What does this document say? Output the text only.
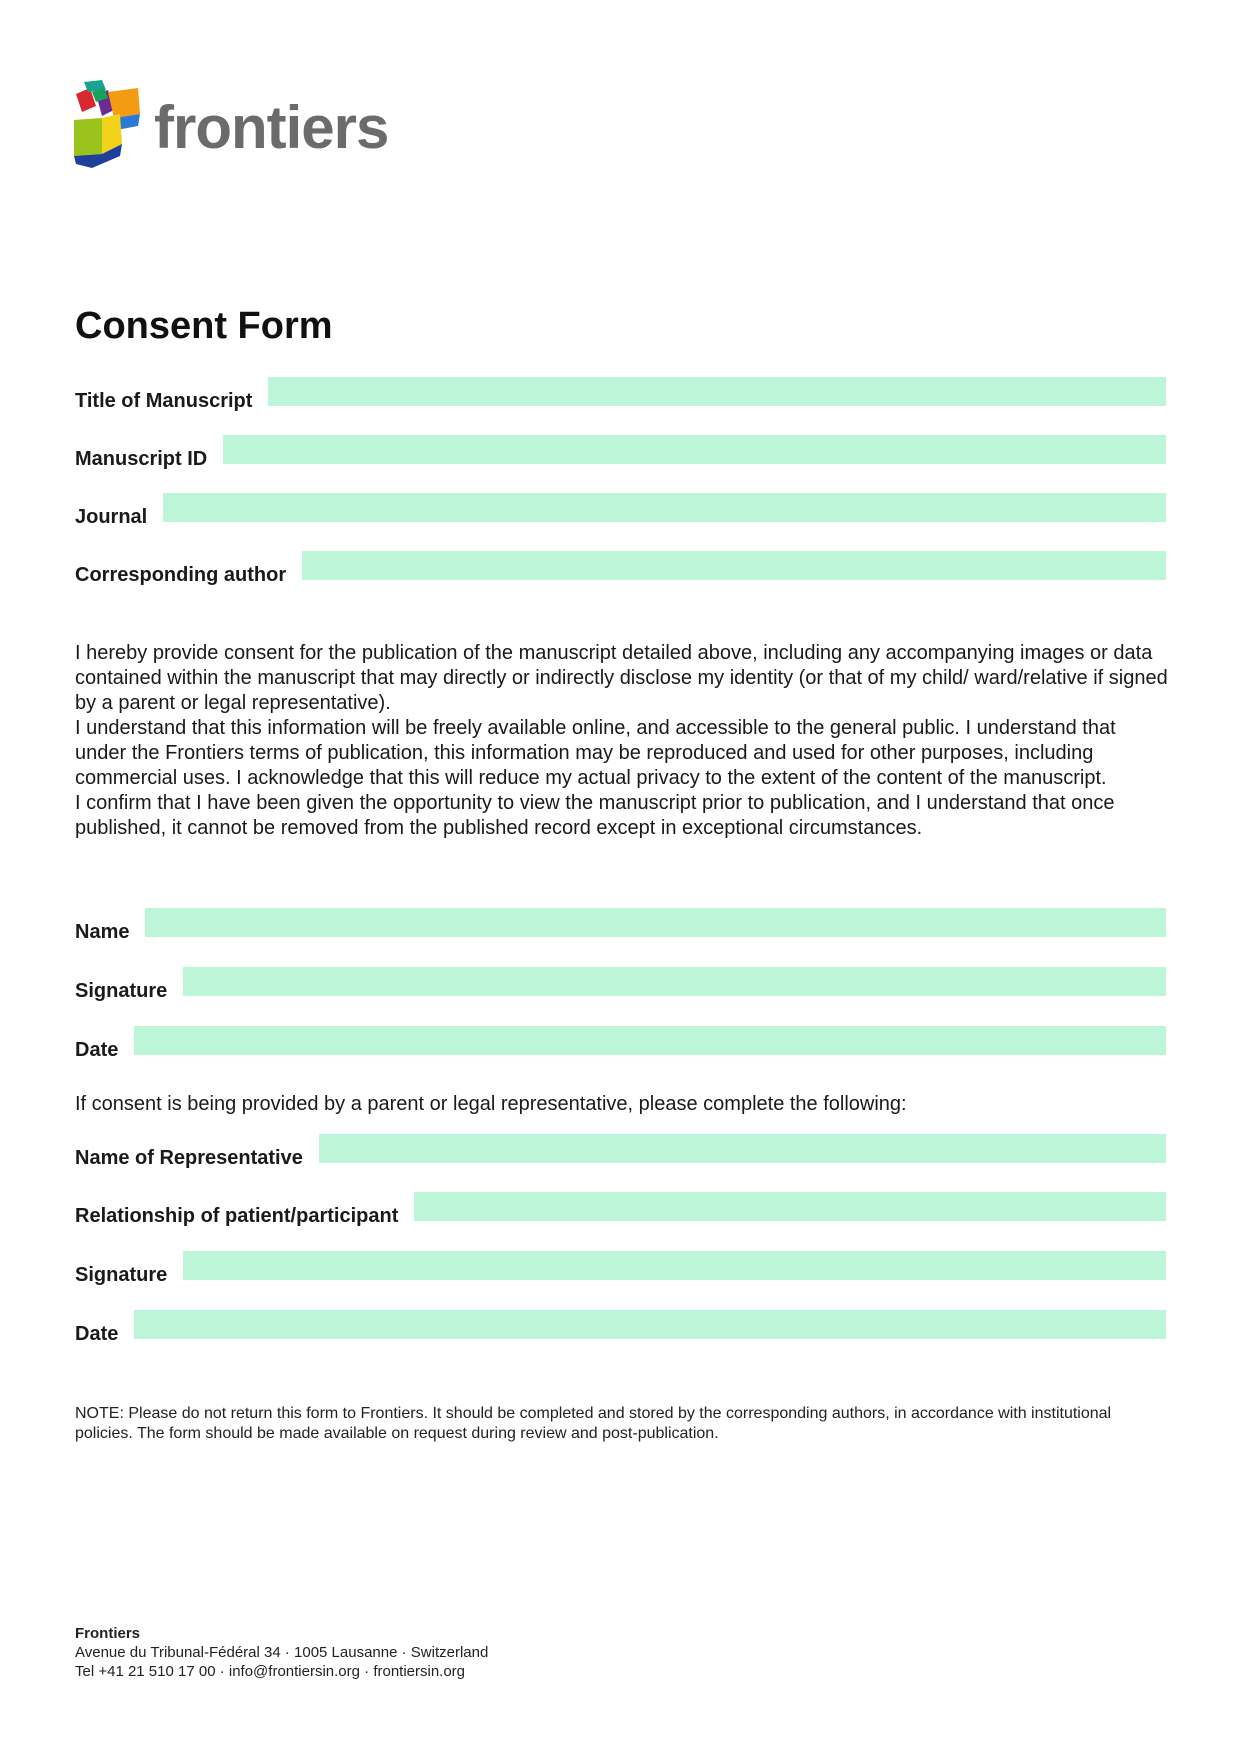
frontiers
Consent Form
Title of Manuscript
Manuscript ID
Journal
Corresponding author

I hereby provide consent for the publication of the manuscript detailed above, including any accompanying images or data contained within the manuscript that may directly or indirectly disclose my identity (or that of my child/ ward/relative if signed by a parent or legal representative).

I understand that this information will be freely available online, and accessible to the general public. I understand that under the Frontiers terms of publication, this information may be reproduced and used for other purposes, including commercial uses. I acknowledge that this will reduce my actual privacy to the extent of the content of the manuscript.

I confirm that I have been given the opportunity to view the manuscript prior to publication, and I understand that once published, it cannot be removed from the published record except in exceptional circumstances.

Name
Signature
Date

If consent is being provided by a parent or legal representative, please complete the following:

Name of Representative
Relationship of patient/participant
Signature
Date

NOTE: Please do not return this form to Frontiers. It should be completed and stored by the corresponding authors, in accordance with institutional policies. The form should be made available on request during review and post-publication.

Frontiers
Avenue du Tribunal-Fédéral 34 · 1005 Lausanne · Switzerland
Tel +41 21 510 17 00 · info@frontiersin.org · frontiersin.org
